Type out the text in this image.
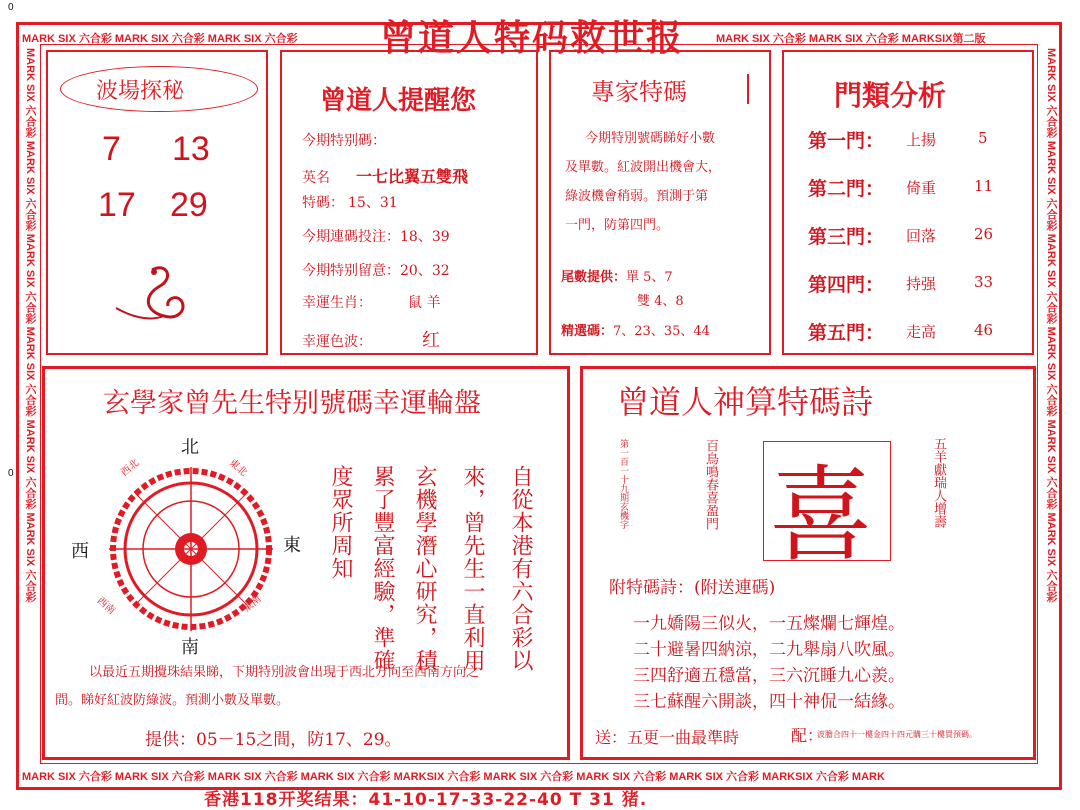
0
0
MARK SIX 六合彩 MARK SIX 六合彩 MARK SIX 六合彩	MARK SIX 六合彩 MARK SIX 六合彩 MARKSIX第二版
MARK SIX 六合彩 MARK SIX 六合彩 MARK SIX 六合彩 MARK SIX 六合彩 MARKSIX 六合彩 MARK SIX 六合彩 MARK SIX 六合彩 MARK SIX 六合彩 MARKSIX 六合彩 MARK
MARK SIX 六合彩 MARK SIX 六合彩 MARK SIX 六合彩 MARK SIX 六合彩 MARK SIX 六合彩 MARK SIX 六合彩	MARK SIX 六合彩 MARK SIX 六合彩 MARK SIX 六合彩 MARK SIX 六合彩 MARK SIX 六合彩 MARK SIX 六合彩
曾道人特码救世报
波場探秘
7 13
17 29
曾道人提醒您
今期特别碼：
英名 一七比翼五雙飛
特碼： 15、31
今期連碼投注：18、39
今期特别留意：20、32
幸運生肖：	鼠 羊
幸運色波：	红
專家特碼
今期特別號碼睇好小數
及單數。紅波開出機會大，
綠波機會稍弱。預測于第
一門，防第四門。
尾數提供：單 5、7
雙 4、8
精選碼：7、23、35、44
門類分析
第一門： 上揚	5
第二門： 倚重	11
第三門： 回落	26
第四門： 持强	33
第五門： 走高	46
玄學家曾先生特别號碼幸運輪盤
北
南
東
西
西北	東北
西南	東南	自從本港有六合彩以
來，曾先生一直利用
玄機學潛心研究，積
累了豐富經驗，準確
度眾所周知
以最近五期攪珠結果睇，下期特別波會出現于西北方向至西南方向之
間。睇好紅波防綠波。預測小數及單數。
提供：05－15之間，防17、29。
曾道人神算特碼詩
第一百一十九期玄機字	百鳥鳴春喜盈門 喜	五羊獻瑞人增壽
附特碼詩：(附送連碼)
一九嬌陽三似火，一五燦爛七輝煌。
二十避暑四納涼，二九舉扇八吹風。
三四舒適五穩當，三六沉睡九心羨。
三七蘇醒六開談，四十神侃一結緣。
送：五更一曲最準時	配：
波膽合四十一樓金四十四元購三十樓買預碼。
香港118开奖结果：41-10-17-33-22-40 T 31 猪.
